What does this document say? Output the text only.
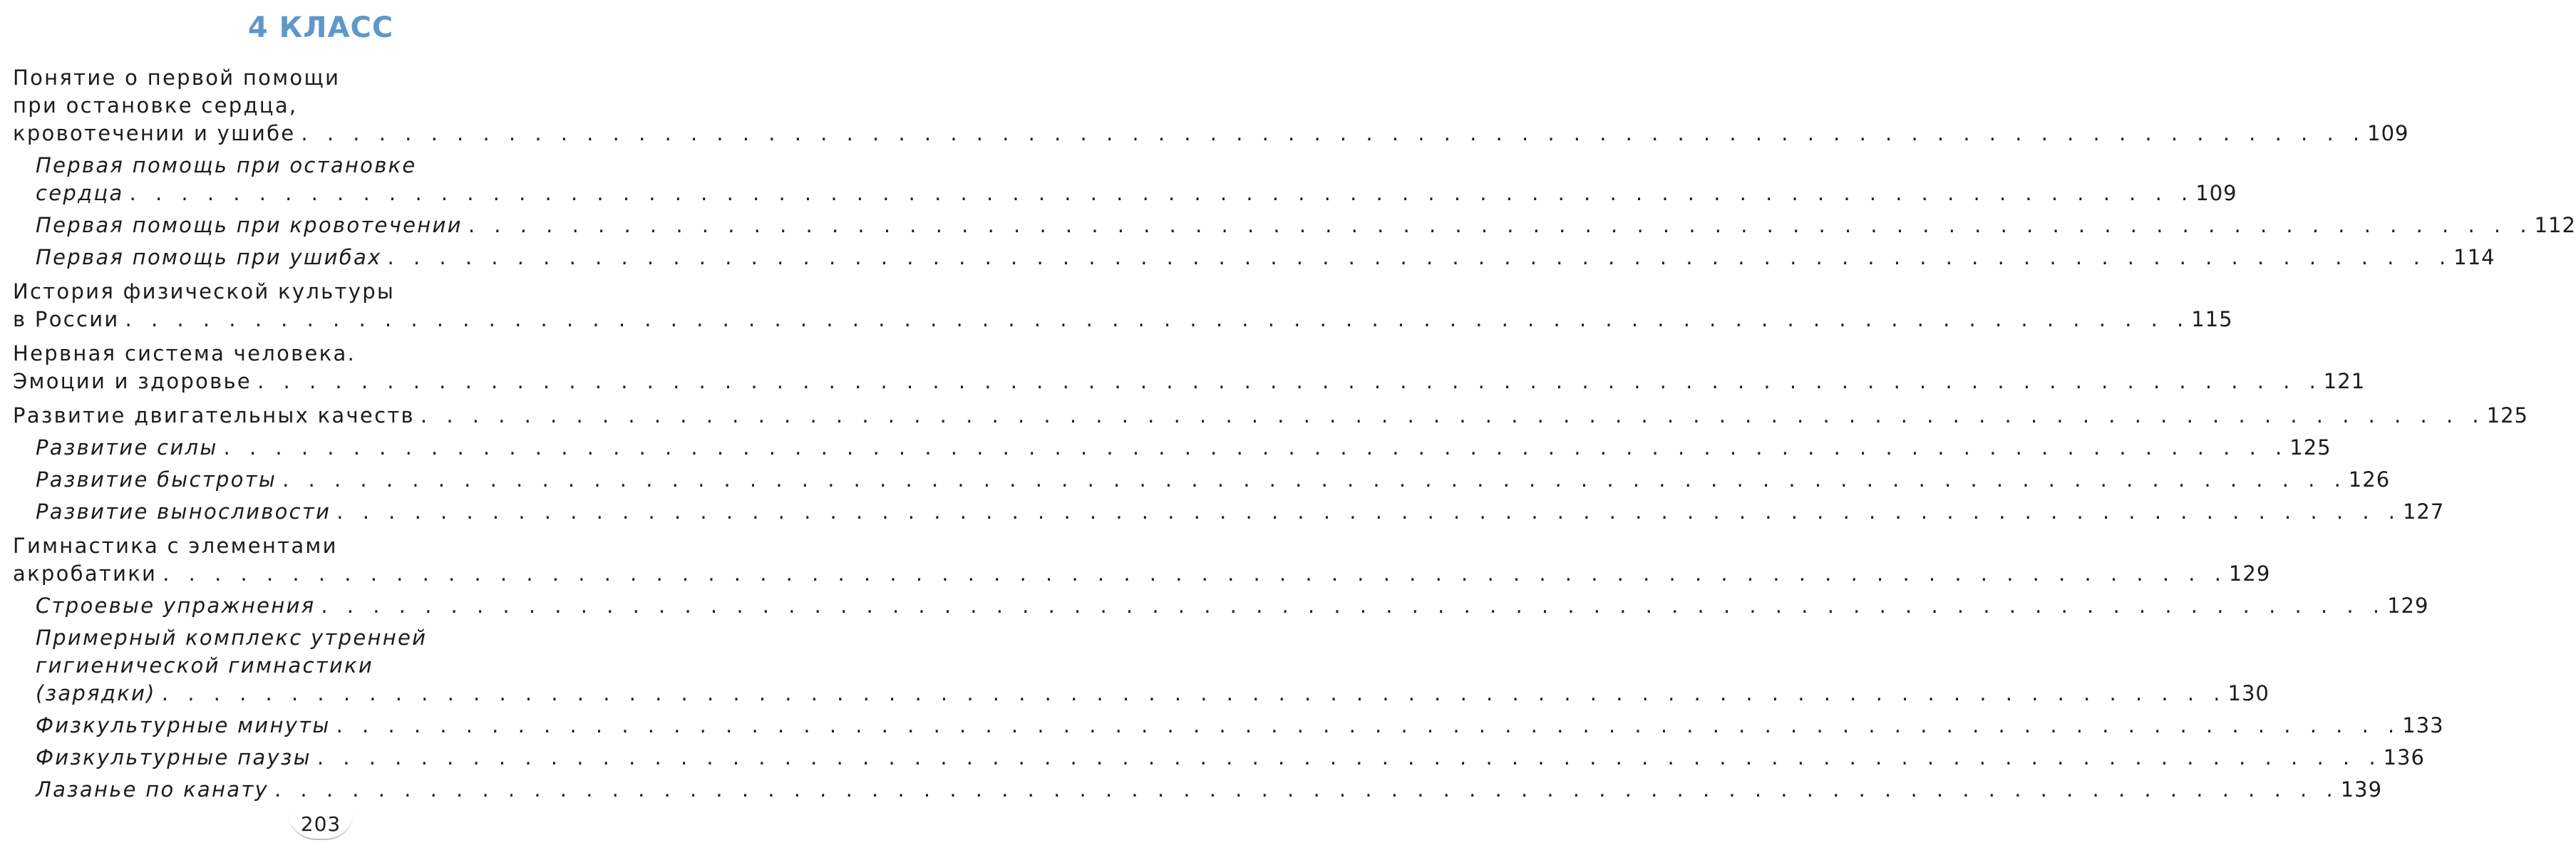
4 КЛАСС
Понятие о первой помощи
при остановке сердца,
кровотечении и ушибе . . . . . . . . . . . . . . . . . . . . . . . . . . . . . . . . . . . . . . . . . . . . . . . . . . . . . . . . . . . . . . . . . . . . . . . . . . . . . . . . 109
Первая помощь при остановке
сердца . . . . . . . . . . . . . . . . . . . . . . . . . . . . . . . . . . . . . . . . . . . . . . . . . . . . . . . . . . . . . . . . . . . . . . . . . . . . . . . . 109
Первая помощь при кровотечении . . . . . . . . . . . . . . . . . . . . . . . . . . . . . . . . . . . . . . . . . . . . . . . . . . . . . . . . . . . . . . . . . . . . . . . . . . . . . . . . 112
Первая помощь при ушибах . . . . . . . . . . . . . . . . . . . . . . . . . . . . . . . . . . . . . . . . . . . . . . . . . . . . . . . . . . . . . . . . . . . . . . . . . . . . . . . . 114
История физической культуры
в России . . . . . . . . . . . . . . . . . . . . . . . . . . . . . . . . . . . . . . . . . . . . . . . . . . . . . . . . . . . . . . . . . . . . . . . . . . . . . . . . 115
Нервная система человека.
Эмоции и здоровье . . . . . . . . . . . . . . . . . . . . . . . . . . . . . . . . . . . . . . . . . . . . . . . . . . . . . . . . . . . . . . . . . . . . . . . . . . . . . . . . 121
Развитие двигательных качеств . . . . . . . . . . . . . . . . . . . . . . . . . . . . . . . . . . . . . . . . . . . . . . . . . . . . . . . . . . . . . . . . . . . . . . . . . . . . . . . . 125
Развитие силы . . . . . . . . . . . . . . . . . . . . . . . . . . . . . . . . . . . . . . . . . . . . . . . . . . . . . . . . . . . . . . . . . . . . . . . . . . . . . . . . 125
Развитие быстроты . . . . . . . . . . . . . . . . . . . . . . . . . . . . . . . . . . . . . . . . . . . . . . . . . . . . . . . . . . . . . . . . . . . . . . . . . . . . . . . . 126
Развитие выносливости . . . . . . . . . . . . . . . . . . . . . . . . . . . . . . . . . . . . . . . . . . . . . . . . . . . . . . . . . . . . . . . . . . . . . . . . . . . . . . . . 127
Гимнастика с элементами
акробатики . . . . . . . . . . . . . . . . . . . . . . . . . . . . . . . . . . . . . . . . . . . . . . . . . . . . . . . . . . . . . . . . . . . . . . . . . . . . . . . . 129
Строевые упражнения . . . . . . . . . . . . . . . . . . . . . . . . . . . . . . . . . . . . . . . . . . . . . . . . . . . . . . . . . . . . . . . . . . . . . . . . . . . . . . . . 129
Примерный комплекс утренней
гигиенической гимнастики
(зарядки) . . . . . . . . . . . . . . . . . . . . . . . . . . . . . . . . . . . . . . . . . . . . . . . . . . . . . . . . . . . . . . . . . . . . . . . . . . . . . . . . 130
Физкультурные минуты . . . . . . . . . . . . . . . . . . . . . . . . . . . . . . . . . . . . . . . . . . . . . . . . . . . . . . . . . . . . . . . . . . . . . . . . . . . . . . . . 133
Физкультурные паузы . . . . . . . . . . . . . . . . . . . . . . . . . . . . . . . . . . . . . . . . . . . . . . . . . . . . . . . . . . . . . . . . . . . . . . . . . . . . . . . . 136
Лазанье по канату . . . . . . . . . . . . . . . . . . . . . . . . . . . . . . . . . . . . . . . . . . . . . . . . . . . . . . . . . . . . . . . . . . . . . . . . . . . . . . . . 139
203
